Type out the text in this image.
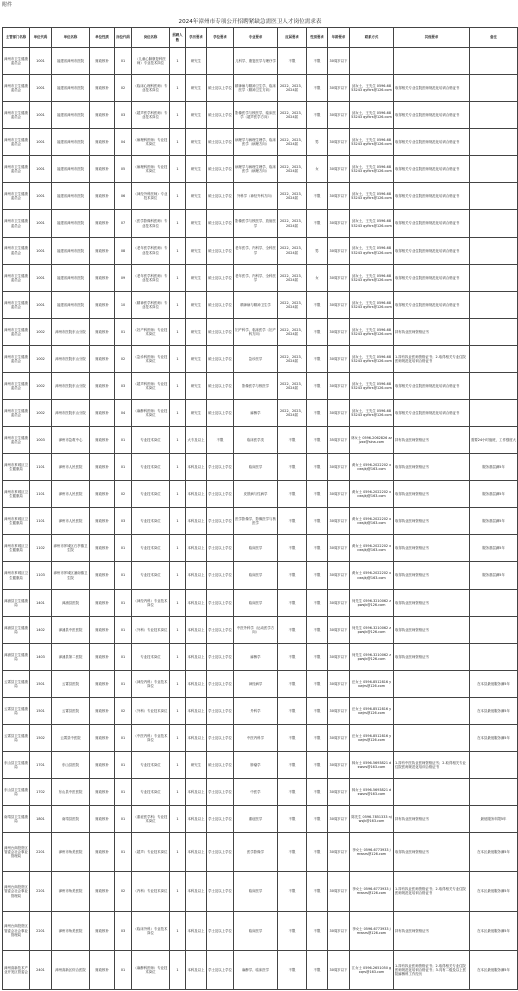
附件
2024年漳州市专项公开招聘紧缺急需医卫人才岗位需求表
主管部门名称	单位代码	单位名称	单位性质	岗位代码	岗位名称	招聘人数	学历要求	学位要求	专业要求	应届要求	性别要求	年龄要求	联系方式	其他要求	备注
漳州市卫生健康委员会	1001	福建省漳州市医院	财政核补	01	（儿童心肺康复科医师）专业技术岗位	1	研究生		儿科学、康复医学与理疗学	不限	不限	30周岁以下			
漳州市卫生健康委员会	1001	福建省漳州市医院	财政核补	02	（临床心理科医师）专业技术岗位	1	研究生	硕士及以上学位	精神病与精神卫生学、临床医学（精神卫生方向）	2022、2023、2024届	不限	30周岁以下	邱女士，王先生 0596-6853243 qyfkrs@126.com	取得相关专业住院医师规范化培训合格证书	
漳州市卫生健康委员会	1001	福建省漳州市医院	财政核补	03	（超声医学科医师）专业技术岗位	1	研究生	硕士及以上学位	影像医学与核医学、临床医学（超声医学方向）	2022、2023、2024届	不限	30周岁以下	邱女士，王先生 0596-6853243 qyfkrs@126.com	取得相关专业住院医师规范化培训合格证书	
漳州市卫生健康委员会	1001	福建省漳州市医院	财政核补	04	（病理科医师）专业技术岗位	1	研究生	硕士及以上学位	病理学与病理生理学、临床医学（病理方向）	2022、2023、2024届	男	30周岁以下	邱女士，王先生 0596-6853243 qyfkrs@126.com	取得相关专业住院医师规范化培训合格证书	
漳州市卫生健康委员会	1001	福建省漳州市医院	财政核补	05	（病理科医师）专业技术岗位	1	研究生	硕士及以上学位	病理学与病理生理学、临床医学（病理方向）	2022、2023、2024届	女	30周岁以下	邱女士，王先生 0596-6853243 qyfkrs@126.com	取得相关专业住院医师规范化培训合格证书	
漳州市卫生健康委员会	1001	福建省漳州市医院	财政核补	06	（神经外科医师）专业技术岗位	1	研究生	硕士及以上学位	外科学（神经外科方向）	2022、2023、2024届	不限	30周岁以下	邱女士，王先生 0596-6853243 qyfkrs@126.com	取得相关专业住院医师规范化培训合格证书	
漳州市卫生健康委员会	1001	福建省漳州市医院	财政核补	07	（医学影像科医师）专业技术岗位	1	研究生	硕士及以上学位	影像医学与核医学、放射医学	2022、2023、2024届	不限	30周岁以下	邱女士，王先生 0596-6853243 qyfkrs@126.com	取得相关专业住院医师规范化培训合格证书	
漳州市卫生健康委员会	1001	福建省漳州市医院	财政核补	08	（老年医学科医师）专业技术岗位	1	研究生	硕士及以上学位	老年医学、内科学、全科医学	2022、2023、2024届	男	30周岁以下	邱女士，王先生 0596-6853243 qyfkrs@126.com	取得相关专业住院医师规范化培训合格证书	
漳州市卫生健康委员会	1001	福建省漳州市医院	财政核补	09	（老年医学科医师）专业技术岗位	1	研究生	硕士及以上学位	老年医学、内科学、全科医学	2022、2023、2024届	女	30周岁以下	邱女士，王先生 0596-6853243 qyfkrs@126.com	取得相关专业住院医师规范化培训合格证书	
漳州市卫生健康委员会	1001	福建省漳州市医院	财政核补	10	（精神医学科医师）专业技术岗位	1	研究生	硕士及以上学位	精神病与精神卫生学	2022、2023、2024届	不限	30周岁以下	邱女士，王先生 0596-6853243 qyfkrs@126.com	取得相关专业住院医师规范化培训合格证书	
漳州市卫生健康委员会	1002	漳州市医院东山分院	财政核补	01	（妇产科医师）专业技术岗位	1	研究生	硕士及以上学位	妇产科学、临床医学（妇产科方向）	2022、2023、2024届	不限	30周岁以下	邱女士，王先生 0596-6853243 qyfkrs@126.com	持有执业医师资格证书	
漳州市卫生健康委员会	1002	漳州市医院东山分院	财政核补	02	（急诊科医师）专业技术岗位	1	研究生	硕士及以上学位	急诊医学	2022、2023、2024届	不限	30周岁以下	邱女士，王先生 0596-6853243 qyfkrs@126.com	1.持有执业医师资格证书；2.取得相关专业住院医师规范化培训合格证书	
漳州市卫生健康委员会	1002	漳州市医院东山分院	财政核补	03	（超声科医师）专业技术岗位	1	研究生	硕士及以上学位	影像医学与核医学	2022、2023、2024届	不限	30周岁以下	邱女士，王先生 0596-6853243 qyfkrs@126.com	取得相关专业住院医师规范化培训合格证书	
漳州市卫生健康委员会	1002	漳州市医院东山分院	财政核补	04	（麻醉科医师）专业技术岗位	1	研究生	硕士及以上学位	麻醉学	2022、2023、2024届	不限	30周岁以下	邱女士，王先生 0596-6853243 qyfkrs@126.com	取得相关专业住院医师规范化培训合格证书	
漳州市卫生健康委员会	1003	漳州市急救中心	财政核补	01	专业技术岗位	1	大专及以上	不限	临床医学类	不限	不限	35周岁以下	林女士 0596-2062826 zzjzzx@sina.com	持有执业医师资格证书	需要24小时值班，工作强度大
漳州市芗城区卫生健康局	1101	漳州市人民医院	财政核补	01	专业技术岗位	1	本科及以上	学士及以上学位	临床医学	不限	不限	30周岁以下	黄女士 0596-2022202 xcwsjkj@163.com	取得执业医师资格证书	服务基层满5年
漳州市芗城区卫生健康局	1101	漳州市人民医院	财政核补	02	专业技术岗位	1	本科及以上	学士及以上学位	皮肤病与性病学	不限	不限	30周岁以下	黄女士 0596-2022202 xcwsjkj@163.com	取得执业医师资格证书	服务基层满5年
漳州市芗城区卫生健康局	1101	漳州市人民医院	财政核补	03	专业技术岗位	1	本科及以上	学士及以上学位	医学影像学、影像医学与核医学	不限	不限	30周岁以下	黄女士 0596-2022202 xcwsjkj@163.com	取得执业医师资格证书	服务基层满5年
漳州市芗城区卫生健康局	1102	漳州市芗城区石亭镇卫生院	财政核补	01	专业技术岗位	1	本科及以上	学士及以上学位	临床医学	不限	不限	30周岁以下	黄女士 0596-2022202 xcwsjkj@163.com	取得执业医师资格证书	服务基层满5年
漳州市芗城区卫生健康局	1103	漳州市芗城区浦南镇卫生院	财政核补	01	专业技术岗位	1	本科及以上	学士及以上学位	临床医学	不限	不限	30周岁以下	黄女士 0596-2022202 xcwsjkj@163.com	取得执业医师资格证书	服务基层满5年
漳浦县卫生健康局	1401	漳浦县医院	财政核补	01	（神经内科）专业技术岗位	1	本科及以上	学士及以上学位	临床医学	不限	不限	30周岁以下	何先生 0596-3210062 zpwsjk@126.com	取得执业医师资格证书	
漳浦县卫生健康局	1402	漳浦县中医医院	财政核补	01	（外科）专业技术岗位	1	本科及以上	学士及以上学位	中医外科学（运动医学方向）	不限	不限	30周岁以下	何先生 0596-3210062 zpwsjk@126.com	取得执业医师资格证书	
漳浦县卫生健康局	1403	漳浦县第二医院	财政核补	01	专业技术岗位	1	本科及以上	学士及以上学位	麻醉学	不限	不限	30周岁以下	何先生 0596-3210062 zpwsjk@126.com	取得执业医师资格证书	
云霄县卫生健康局	1501	云霄县医院	财政核补	01	（神经内科）专业技术岗位	1	本科及以上	学士及以上学位	神经病学	不限	不限	30周岁以下	汪女士 0596-8512816 yxwjrs@126.com		在本县最低服务满5年
云霄县卫生健康局	1501	云霄县医院	财政核补	02	（外科）专业技术岗位	1	本科及以上	学士及以上学位	外科学	不限	不限	30周岁以下	汪女士 0596-8512816 yxwjrs@126.com		在本县最低服务满5年
云霄县卫生健康局	1502	云霄县中医院	财政核补	01	（中医内科）专业技术岗位	1	本科及以上	学士及以上学位	中医内科学	不限	不限	30周岁以下	汪女士 0596-8512816 yxwjrs@126.com		在本县最低服务满5年
东山县卫生健康局	1701	东山县医院	财政核补	01	专业技术岗位	1	研究生	硕士及以上学位	肿瘤学	不限	不限	30周岁以下	林女士 0596-5693821 dswsrs@163.com	1.持有中医执业医师资格证书；2.取得相关专业住院医师规范化培训合格证书	
东山县卫生健康局	1702	东山县中医医院	财政核补	01	专业技术岗位	1	本科及以上	学士及以上学位	中医学	不限	不限	30周岁以下	林女士 0596-5693821 dswsrs@163.com		
南靖县卫生健康局	1801	南靖县医院	财政核补	01	（重症医学科）专业技术岗位	1	本科及以上	学士及以上学位	重症医学	不限	不限	30周岁以下	陈先生 0596-7851333 njwsjk@163.com	持有执业医师资格证书	最低服务年限5年
漳州台商投资区管委会社会事业管理局	2201	漳州市角美医院	财政核补	01	（超声）专业技术岗位	1	本科及以上	学士及以上学位	医学影像学	不限	不限	30周岁以下	李女士 0596-6773933 jmwsrs@126.com	取得执业医师资格证书	在本区最低服务满5年
漳州台商投资区管委会社会事业管理局	2201	漳州市角美医院	财政核补	02	（内科）专业技术岗位	1	本科及以上	学士及以上学位	临床医学	不限	不限	30周岁以下	李女士 0596-6773933 jmwsrs@126.com	1.持有执业医师资格证书；2.取得相关专业住院医师规范化培训合格证书	在本区最低服务满5年
漳州台商投资区管委会社会事业管理局	2201	漳州市角美医院	财政核补	03	（临床外科）专业技术岗位	1	本科及以上	学士及以上学位	临床医学	不限	不限	30周岁以下	李女士 0596-6773933 jmwsrs@126.com	持有执业医师资格证书	在本区最低服务满5年
漳州高新技术产业开发区管委会	2401	漳州高新区综合医院	财政核补	01	（麻醉科医师）专业技术岗位	1	本科及以上	学士及以上学位	麻醉学、临床医学	不限	不限	30周岁以下	江女士 0596-2651050 gxqrs@163.com	1.持有执业医师资格证书；2.取得相关专业住院医师规范化培训合格证书；3.具有二级及以上医院麻醉科工作经历	在本区最低服务满5年
